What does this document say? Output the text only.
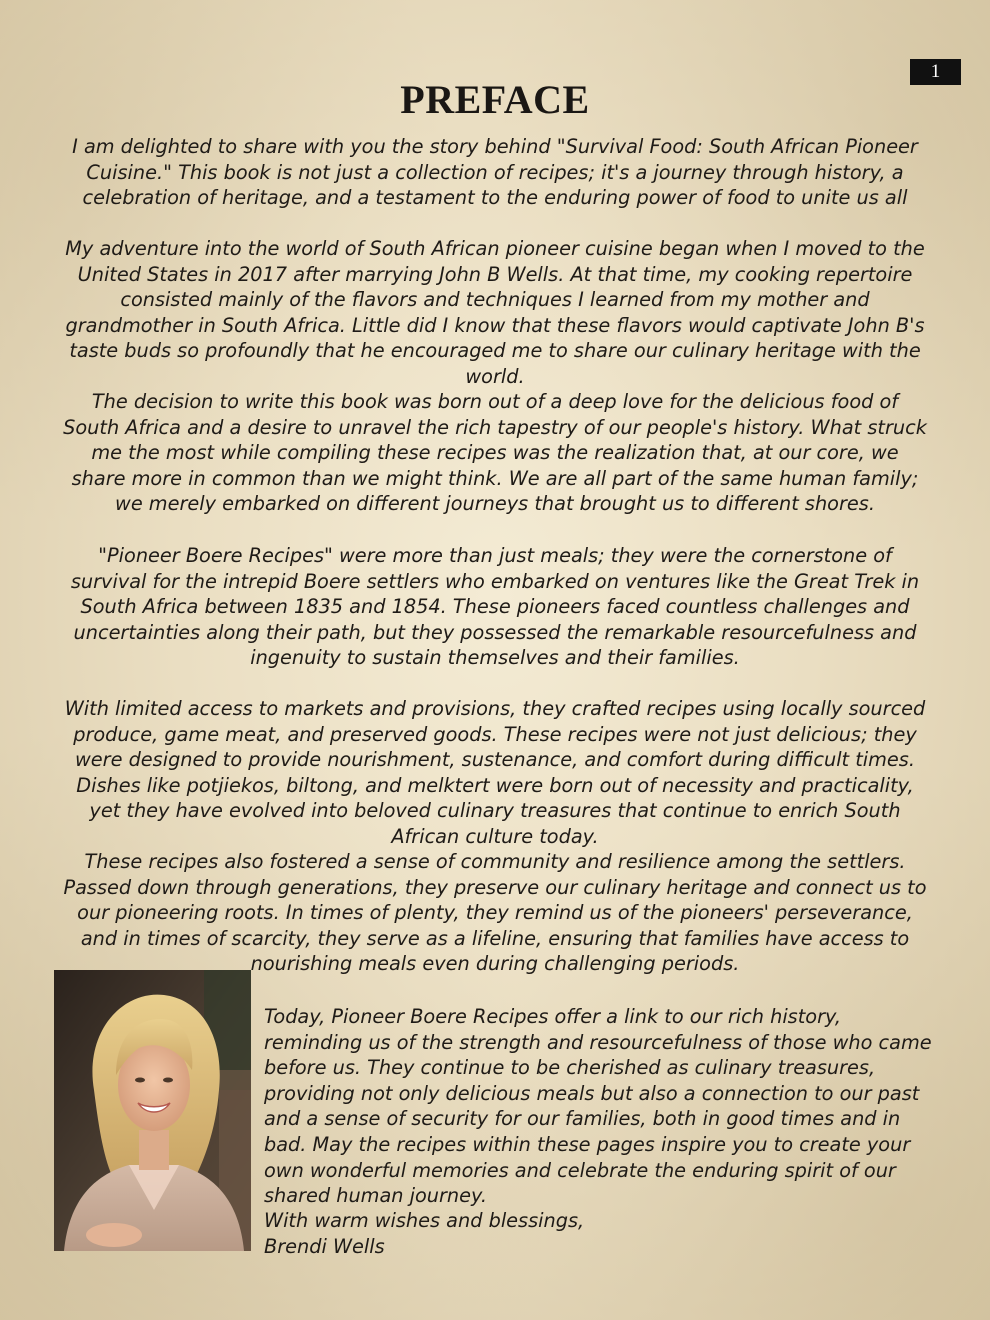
1
PREFACE

I am delighted to share with you the story behind "Survival Food: South African Pioneer Cuisine." This book is not just a collection of recipes; it's a journey through history, a celebration of heritage, and a testament to the enduring power of food to unite us all

My adventure into the world of South African pioneer cuisine began when I moved to the United States in 2017 after marrying John B Wells. At that time, my cooking repertoire consisted mainly of the flavors and techniques I learned from my mother and grandmother in South Africa. Little did I know that these flavors would captivate John B's taste buds so profoundly that he encouraged me to share our culinary heritage with the world.

The decision to write this book was born out of a deep love for the delicious food of South Africa and a desire to unravel the rich tapestry of our people's history. What struck me the most while compiling these recipes was the realization that, at our core, we share more in common than we might think. We are all part of the same human family; we merely embarked on different journeys that brought us to different shores.

"Pioneer Boere Recipes" were more than just meals; they were the cornerstone of survival for the intrepid Boere settlers who embarked on ventures like the Great Trek in South Africa between 1835 and 1854. These pioneers faced countless challenges and uncertainties along their path, but they possessed the remarkable resourcefulness and ingenuity to sustain themselves and their families.

With limited access to markets and provisions, they crafted recipes using locally sourced produce, game meat, and preserved goods. These recipes were not just delicious; they were designed to provide nourishment, sustenance, and comfort during difficult times. Dishes like potjiekos, biltong, and melktert were born out of necessity and practicality, yet they have evolved into beloved culinary treasures that continue to enrich South African culture today.

These recipes also fostered a sense of community and resilience among the settlers. Passed down through generations, they preserve our culinary heritage and connect us to our pioneering roots. In times of plenty, they remind us of the pioneers' perseverance, and in times of scarcity, they serve as a lifeline, ensuring that families have access to nourishing meals even during challenging periods.

Today, Pioneer Boere Recipes offer a link to our rich history, reminding us of the strength and resourcefulness of those who came before us. They continue to be cherished as culinary treasures, providing not only delicious meals but also a connection to our past and a sense of security for our families, both in good times and in bad. May the recipes within these pages inspire you to create your own wonderful memories and celebrate the enduring spirit of our shared human journey.

With warm wishes and blessings,
Brendi Wells
